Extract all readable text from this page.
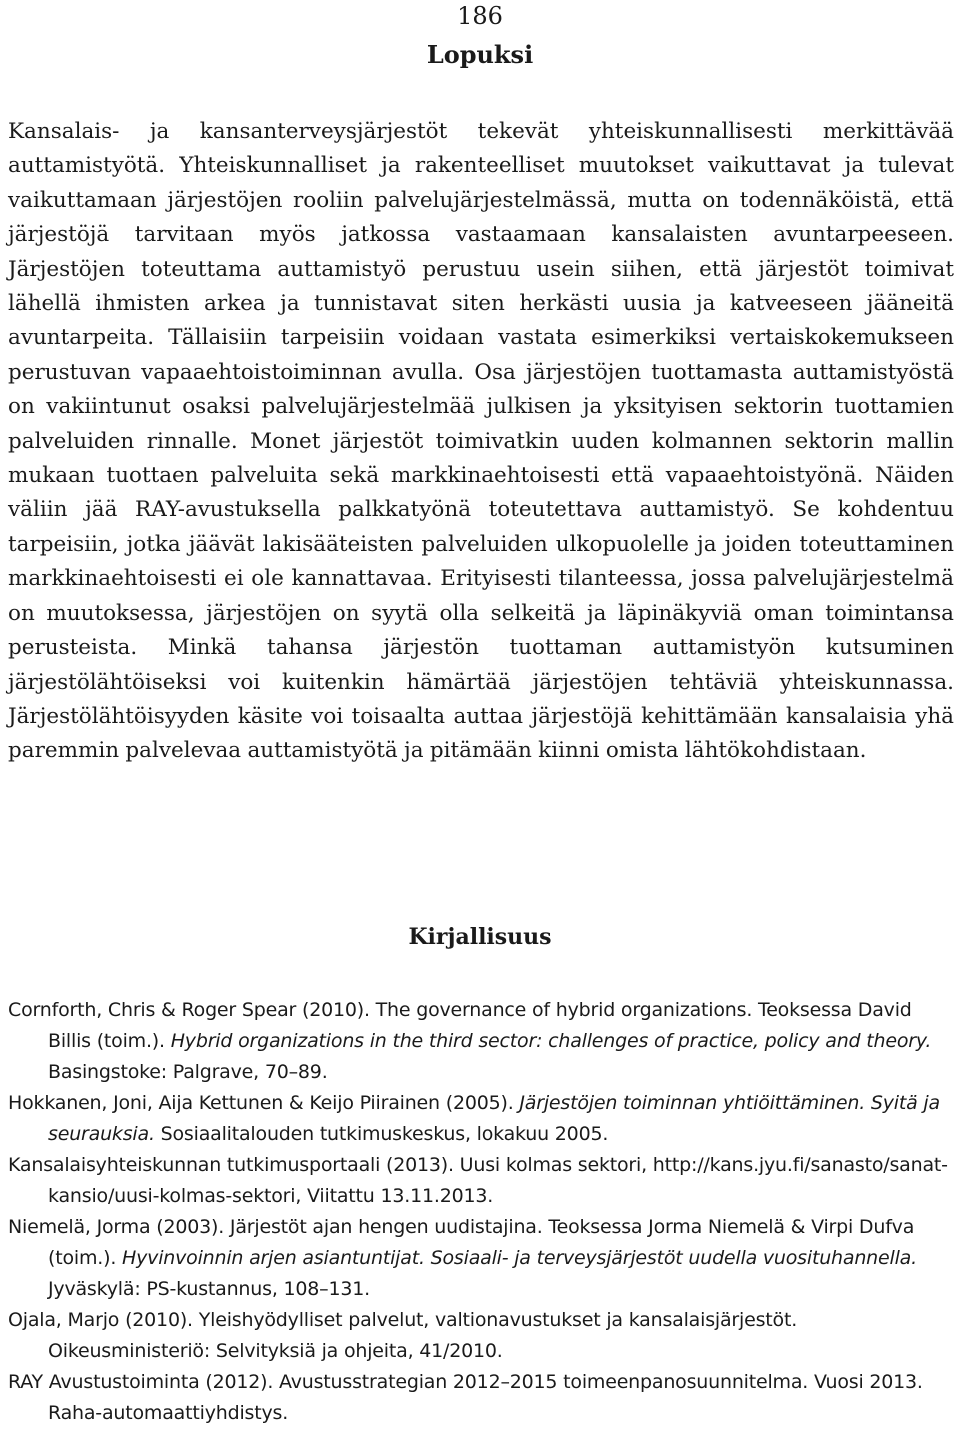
186
Lopuksi

Kansalais- ja kansanterveysjärjestöt tekevät yhteiskunnallisesti merkittävää auttamistyötä. Yhteiskunnalliset ja rakenteelliset muutokset vaikuttavat ja tulevat vaikuttamaan järjestöjen rooliin palvelujärjestelmässä, mutta on todennäköistä, että järjestöjä tarvitaan myös jatkossa vastaamaan kansalaisten avuntarpeeseen. Järjestöjen toteuttama auttamistyö perustuu usein siihen, että järjestöt toimivat lähellä ihmisten arkea ja tunnistavat siten herkästi uusia ja katveeseen jääneitä avuntarpeita. Tällaisiin tarpeisiin voidaan vastata esimerkiksi vertaiskokemukseen perustuvan vapaaehtoistoiminnan avulla. Osa järjestöjen tuottamasta auttamistyöstä on vakiintunut osaksi palvelujärjestelmää julkisen ja yksityisen sektorin tuottamien palveluiden rinnalle. Monet järjestöt toimivatkin uuden kolmannen sektorin mallin mukaan tuottaen palveluita sekä markkinaehtoisesti että vapaaehtoistyönä. Näiden väliin jää RAY-avustuksella palkkatyönä toteutettava auttamistyö. Se kohdentuu tarpeisiin, jotka jäävät lakisääteisten palveluiden ulkopuolelle ja joiden toteuttaminen markkinaehtoisesti ei ole kannattavaa. Erityisesti tilanteessa, jossa palvelujärjestelmä on muutoksessa, järjestöjen on syytä olla selkeitä ja läpinäkyviä oman toimintansa perusteista. Minkä tahansa järjestön tuottaman auttamistyön kutsuminen järjestölähtöiseksi voi kuitenkin hämärtää järjestöjen tehtäviä yhteiskunnassa. Järjestölähtöisyyden käsite voi toisaalta auttaa järjestöjä kehittämään kansalaisia yhä paremmin palvelevaa auttamistyötä ja pitämään kiinni omista lähtökohdistaan.

Kirjallisuus
Cornforth, Chris & Roger Spear (2010). The governance of hybrid organizations. Teoksessa David Billis (toim.). Hybrid organizations in the third sector: challenges of practice, policy and theory. Basingstoke: Palgrave, 70–89.
Hokkanen, Joni, Aija Kettunen & Keijo Piirainen (2005). Järjestöjen toiminnan yhtiöittäminen. Syitä ja seurauksia. Sosiaalitalouden tutkimuskeskus, lokakuu 2005.
Kansalaisyhteiskunnan tutkimusportaali (2013). Uusi kolmas sektori, http://kans.jyu.fi/sanasto/sanat-kansio/uusi-kolmas-sektori, Viitattu 13.11.2013.
Niemelä, Jorma (2003). Järjestöt ajan hengen uudistajina. Teoksessa Jorma Niemelä & Virpi Dufva (toim.). Hyvinvoinnin arjen asiantuntijat. Sosiaali- ja terveysjärjestöt uudella vuosituhannella. Jyväskylä: PS-kustannus, 108–131.
Ojala, Marjo (2010). Yleishyödylliset palvelut, valtionavustukset ja kansalaisjärjestöt. Oikeusministeriö: Selvityksiä ja ohjeita, 41/2010.
RAY Avustustoiminta (2012). Avustusstrategian 2012–2015 toimeenpanosuunnitelma. Vuosi 2013. Raha-automaattiyhdistys.
